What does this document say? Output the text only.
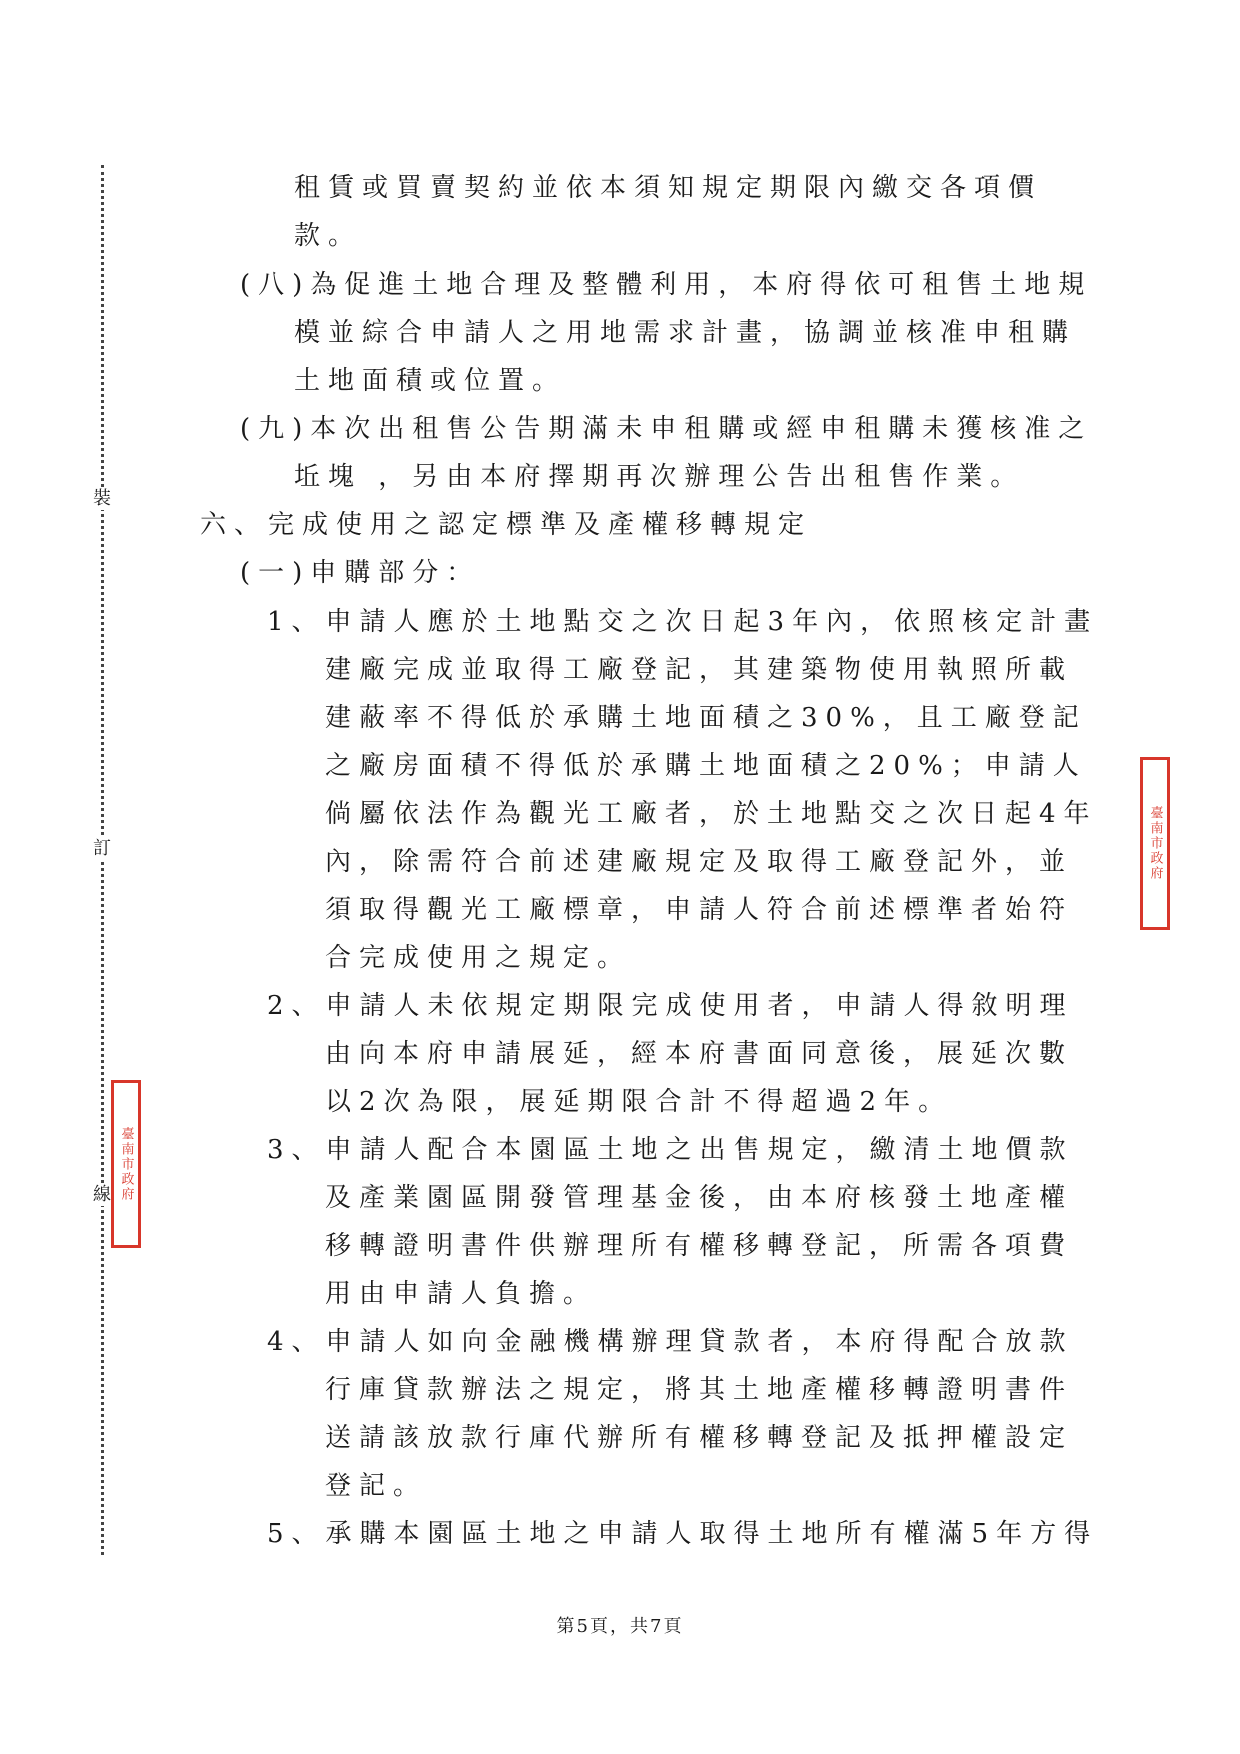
裝
訂
線
臺南市政府
臺南市政府
租賃或買賣契約並依本須知規定期限內繳交各項價
款。
(八)為促進土地合理及整體利用，本府得依可租售土地規
模並綜合申請人之用地需求計畫，協調並核准申租購
土地面積或位置。
(九)本次出租售公告期滿未申租購或經申租購未獲核准之
坵塊 ，另由本府擇期再次辦理公告出租售作業。
六、完成使用之認定標準及產權移轉規定
(一)申購部分：
1、申請人應於土地點交之次日起3年內，依照核定計畫
建廠完成並取得工廠登記，其建築物使用執照所載
建蔽率不得低於承購土地面積之30%，且工廠登記
之廠房面積不得低於承購土地面積之20%；申請人
倘屬依法作為觀光工廠者，於土地點交之次日起4年
內，除需符合前述建廠規定及取得工廠登記外，並
須取得觀光工廠標章，申請人符合前述標準者始符
合完成使用之規定。
2、申請人未依規定期限完成使用者，申請人得敘明理
由向本府申請展延，經本府書面同意後，展延次數
以2次為限，展延期限合計不得超過2年。
3、申請人配合本園區土地之出售規定，繳清土地價款
及產業園區開發管理基金後，由本府核發土地產權
移轉證明書件供辦理所有權移轉登記，所需各項費
用由申請人負擔。
4、申請人如向金融機構辦理貸款者，本府得配合放款
行庫貸款辦法之規定，將其土地產權移轉證明書件
送請該放款行庫代辦所有權移轉登記及抵押權設定
登記。
5、承購本園區土地之申請人取得土地所有權滿5年方得
第5頁，共7頁
